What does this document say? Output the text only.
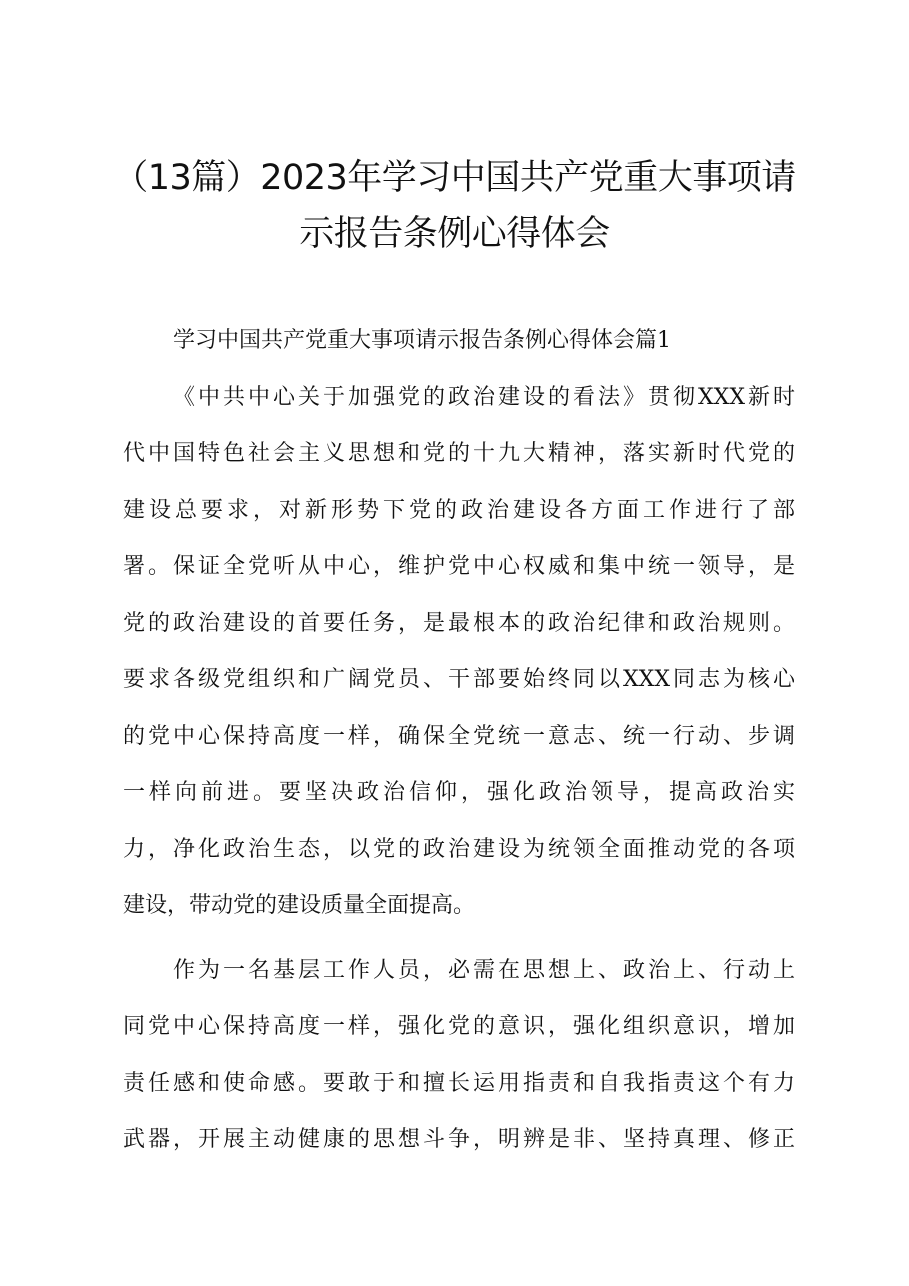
（13篇）2023年学习中国共产党重大事项请
示报告条例心得体会
学习中国共产党重大事项请示报告条例心得体会篇1
《中共中心关于加强党的政治建设的看法》贯彻XXX新时
代中国特色社会主义思想和党的十九大精神，落实新时代党的
建设总要求，对新形势下党的政治建设各方面工作进行了部
署。保证全党听从中心，维护党中心权威和集中统一领导，是
党的政治建设的首要任务，是最根本的政治纪律和政治规则。
要求各级党组织和广阔党员、干部要始终同以XXX同志为核心
的党中心保持高度一样，确保全党统一意志、统一行动、步调
一样向前进。要坚决政治信仰，强化政治领导，提高政治实
力，净化政治生态，以党的政治建设为统领全面推动党的各项
建设，带动党的建设质量全面提高。
作为一名基层工作人员，必需在思想上、政治上、行动上
同党中心保持高度一样，强化党的意识，强化组织意识，增加
责任感和使命感。要敢于和擅长运用指责和自我指责这个有力
武器，开展主动健康的思想斗争，明辨是非、坚持真理、修正
